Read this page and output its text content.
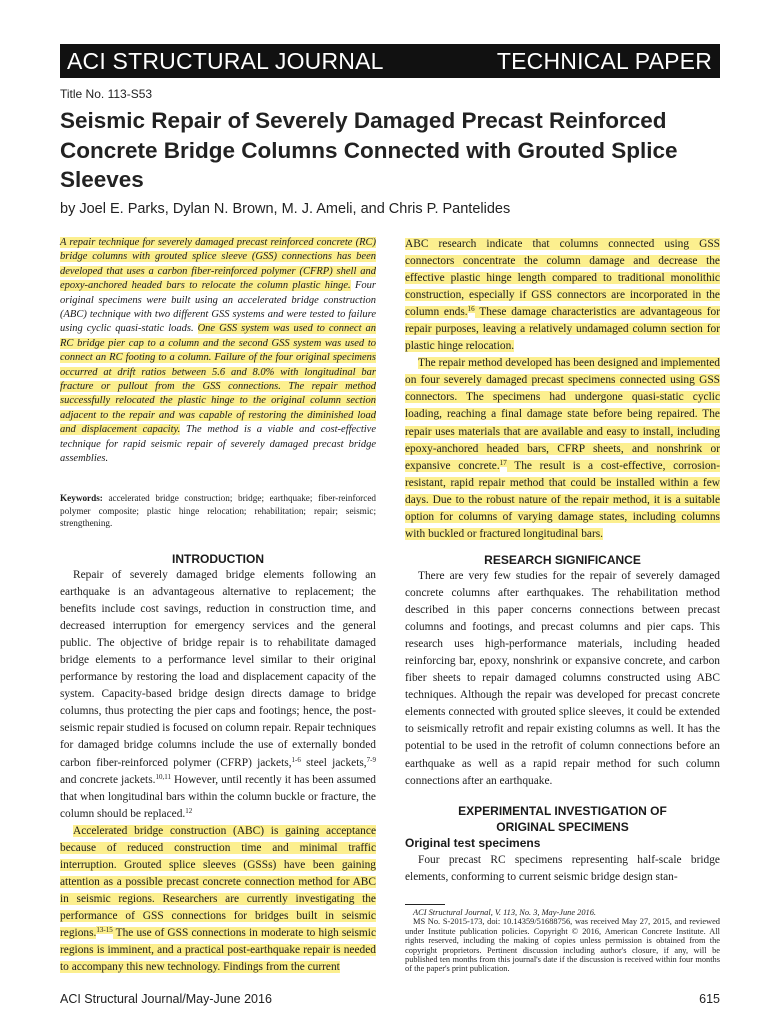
ACI STRUCTURAL JOURNAL	TECHNICAL PAPER
Title No. 113-S53
Seismic Repair of Severely Damaged Precast Reinforced Concrete Bridge Columns Connected with Grouted Splice Sleeves
by Joel E. Parks, Dylan N. Brown, M. J. Ameli, and Chris P. Pantelides

A repair technique for severely damaged precast reinforced concrete (RC) bridge columns with grouted splice sleeve (GSS) connections has been developed that uses a carbon fiber-reinforced polymer (CFRP) shell and epoxy-anchored headed bars to relocate the column plastic hinge. Four original specimens were built using an accelerated bridge construction (ABC) technique with two different GSS systems and were tested to failure using cyclic quasi-static loads. One GSS system was used to connect an RC bridge pier cap to a column and the second GSS system was used to connect an RC footing to a column. Failure of the four original specimens occurred at drift ratios between 5.6 and 8.0% with longitudinal bar fracture or pullout from the GSS connections. The repair method successfully relocated the plastic hinge to the original column section adjacent to the repair and was capable of restoring the diminished load and displacement capacity. The method is a viable and cost-effective technique for rapid seismic repair of severely damaged precast bridge assemblies.

Keywords: accelerated bridge construction; bridge; earthquake; fiber-reinforced polymer composite; plastic hinge relocation; rehabilitation; repair; seismic; strengthening.

INTRODUCTION

Repair of severely damaged bridge elements following an earthquake is an advantageous alternative to replacement; the benefits include cost savings, reduction in construction time, and decreased interruption for emergency services and the general public. The objective of bridge repair is to rehabilitate damaged bridge elements to a performance level similar to their original performance by restoring the load and displacement capacity of the system. Capacity-based bridge design directs damage to bridge columns, thus protecting the pier caps and footings; hence, the post-seismic repair studied is focused on column repair. Repair techniques for damaged bridge columns include the use of externally bonded carbon fiber-reinforced polymer (CFRP) jackets,$^{1-6}$ steel jackets,$^{7-9}$ and concrete jackets.$^{10,11}$ However, until recently it has been assumed that when longitudinal bars within the column buckle or fracture, the column should be replaced.$^{12}$

Accelerated bridge construction (ABC) is gaining acceptance because of reduced construction time and minimal traffic interruption. Grouted splice sleeves (GSSs) have been gaining attention as a possible precast concrete connection method for ABC in seismic regions. Researchers are currently investigating the performance of GSS connections for bridges built in seismic regions.$^{13-15}$ The use of GSS connections in moderate to high seismic regions is imminent, and a practical post-earthquake repair is needed to accompany this new technology. Findings from the current

ABC research indicate that columns connected using GSS connectors concentrate the column damage and decrease the effective plastic hinge length compared to traditional monolithic construction, especially if GSS connectors are incorporated in the column ends.$^{16}$ These damage characteristics are advantageous for repair purposes, leaving a relatively undamaged column section for plastic hinge relocation.

The repair method developed has been designed and implemented on four severely damaged precast specimens connected using GSS connectors. The specimens had undergone quasi-static cyclic loading, reaching a final damage state before being repaired. The repair uses materials that are available and easy to install, including epoxy-anchored headed bars, CFRP sheets, and nonshrink or expansive concrete.$^{17}$ The result is a cost-effective, corrosion-resistant, rapid repair method that could be installed within a few days. Due to the robust nature of the repair method, it is a suitable option for columns of varying damage states, including columns with buckled or fractured longitudinal bars.

RESEARCH SIGNIFICANCE

There are very few studies for the repair of severely damaged concrete columns after earthquakes. The rehabilitation method described in this paper concerns connections between precast columns and footings, and precast columns and pier caps. This research uses high-performance materials, including headed reinforcing bar, epoxy, nonshrink or expansive concrete, and carbon fiber sheets to repair damaged columns constructed using ABC techniques. Although the repair was developed for precast concrete elements connected with grouted splice sleeves, it could be extended to seismically retrofit and repair existing columns as well. It has the potential to be used in the retrofit of column connections before an earthquake as well as a rapid repair method for such column connections after an earthquake.

EXPERIMENTAL INVESTIGATION OF
ORIGINAL SPECIMENS
Original test specimens

Four precast RC specimens representing half-scale bridge elements, conforming to current seismic bridge design stan-

ACI Structural Journal, V. 113, No. 3, May-June 2016.
MS No. S-2015-173, doi: 10.14359/51688756, was received May 27, 2015, and reviewed under Institute publication policies. Copyright © 2016, American Concrete Institute. All rights reserved, including the making of copies unless permission is obtained from the copyright proprietors. Pertinent discussion including author's closure, if any, will be published ten months from this journal's date if the discussion is received within four months of the paper's print publication.
ACI Structural Journal/May-June 2016	615
